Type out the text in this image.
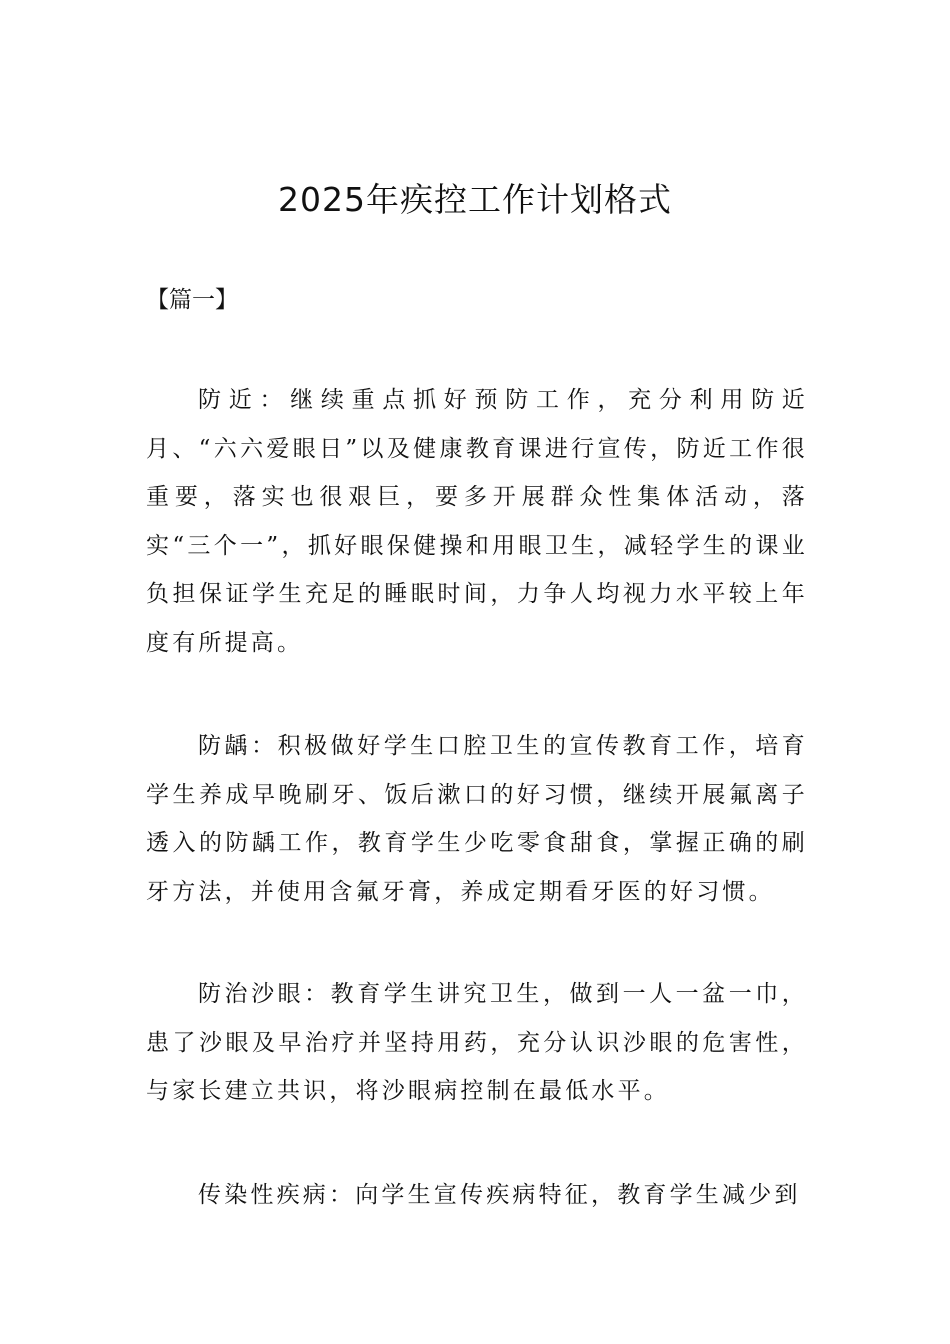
2025年疾控工作计划格式

【篇一】

防近：继续重点抓好预防工作，充分利用防近月、“六六爱眼日”以及健康教育课进行宣传，防近工作很重要，落实也很艰巨，要多开展群众性集体活动，落实“三个一”，抓好眼保健操和用眼卫生，减轻学生的课业负担保证学生充足的睡眠时间，力争人均视力水平较上年度有所提高。

防龋：积极做好学生口腔卫生的宣传教育工作，培育学生养成早晚刷牙、饭后漱口的好习惯，继续开展氟离子透入的防龋工作，教育学生少吃零食甜食，掌握正确的刷牙方法，并使用含氟牙膏，养成定期看牙医的好习惯。

防治沙眼：教育学生讲究卫生，做到一人一盆一巾，患了沙眼及早治疗并坚持用药，充分认识沙眼的危害性，与家长建立共识，将沙眼病控制在最低水平。

传染性疾病：向学生宣传疾病特征，教育学生减少到
